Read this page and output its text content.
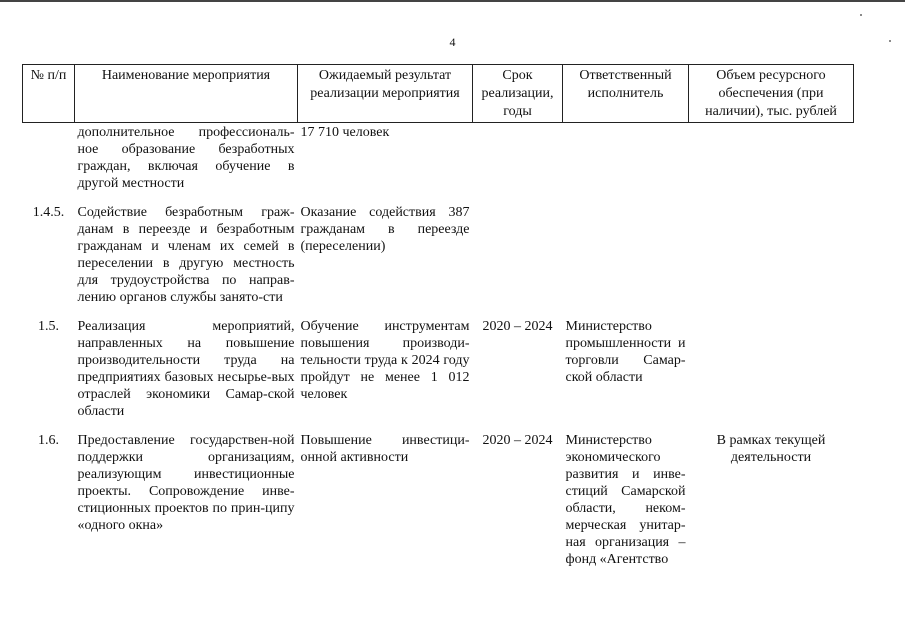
4
№ п/п	Наименование мероприятия	Ожидаемый результат реализации мероприятия	Срок реализации, годы	Ответственный исполнитель	Объем ресурсного обеспечения (при наличии), тыс. рублей
	дополнительное профессиональ-ное образование безработных граждан, включая обучение в другой местности	17 710 человек			
1.4.5.	Содействие безработным граж-данам в переезде и безработным гражданам и членам их семей в переселении в другую местность для трудоустройства по направ-лению органов службы занято-сти	Оказание содействия 387 гражданам в переезде (переселении)			
1.5.	Реализация мероприятий, направленных на повышение производительности труда на предприятиях базовых несырье-вых отраслей экономики Самар-ской области	Обучение инструментам повышения производи-тельности труда к 2024 году пройдут не менее 1 012 человек	2020 – 2024	Министерство промышленности и торговли Самар-ской области	
1.6.	Предоставление государствен-ной поддержки организациям, реализующим инвестиционные проекты. Сопровождение инве-стиционных проектов по прин-ципу «одного окна»	Повышение инвестици-онной активности	2020 – 2024	Министерство экономического развития и инве-стиций Самарской области, неком-мерческая унитар-ная организация – фонд «Агентство	В рамках текущей деятельности
